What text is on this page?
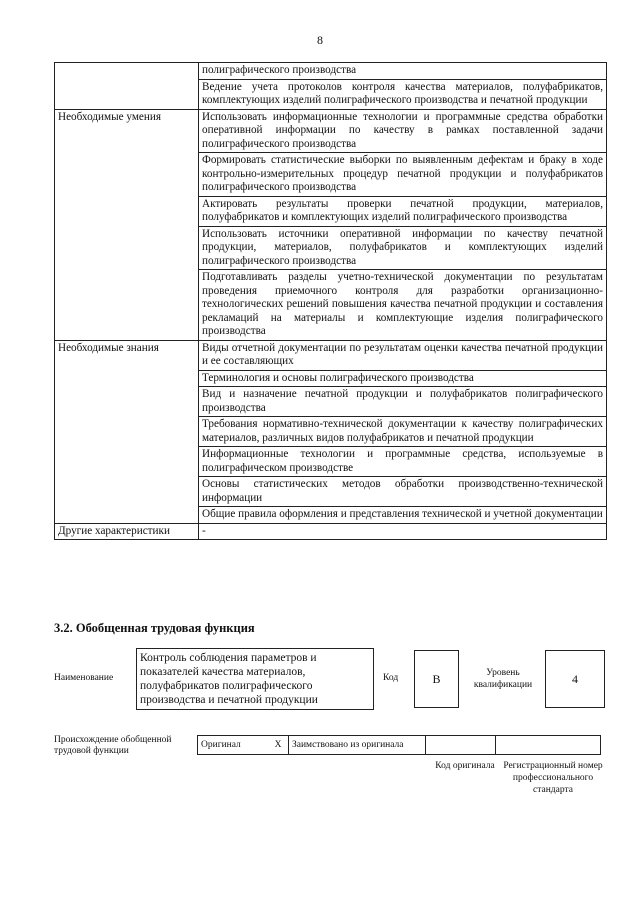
8
	полиграфического производства
	Ведение учета протоколов контроля качества материалов, полуфабрикатов, комплектующих изделий полиграфического производства и печатной продукции
Необходимые умения	Использовать информационные технологии и программные средства обработки оперативной информации по качеству в рамках поставленной задачи полиграфического производства
	Формировать статистические выборки по выявленным дефектам и браку в ходе контрольно-измерительных процедур печатной продукции и полуфабрикатов полиграфического производства
	Актировать результаты проверки печатной продукции, материалов, полуфабрикатов и комплектующих изделий полиграфического производства
	Использовать источники оперативной информации по качеству печатной продукции, материалов, полуфабрикатов и комплектующих изделий полиграфического производства
	Подготавливать разделы учетно-технической документации по результатам проведения приемочного контроля для разработки организационно-технологических решений повышения качества печатной продукции и составления рекламаций на материалы и комплектующие изделия полиграфического производства
Необходимые знания	Виды отчетной документации по результатам оценки качества печатной продукции и ее составляющих
	Терминология и основы полиграфического производства
	Вид и назначение печатной продукции и полуфабрикатов полиграфического производства
	Требования нормативно-технической документации к качеству полиграфических материалов, различных видов полуфабрикатов и печатной продукции
	Информационные технологии и программные средства, используемые в полиграфическом производстве
	Основы статистических методов обработки производственно-технической информации
	Общие правила оформления и представления технической и учетной документации
Другие характеристики	-
3.2. Обобщенная трудовая функция
Наименование
Контроль соблюдения параметров и показателей качества материалов, полуфабрикатов полиграфического производства и печатной продукции
Код	В	Уровень квалификации	4
Происхождение обобщенной трудовой функции
Оригинал	X	Заимствовано из оригинала		
Код оригинала Регистрационный номер профессионального стандарта
